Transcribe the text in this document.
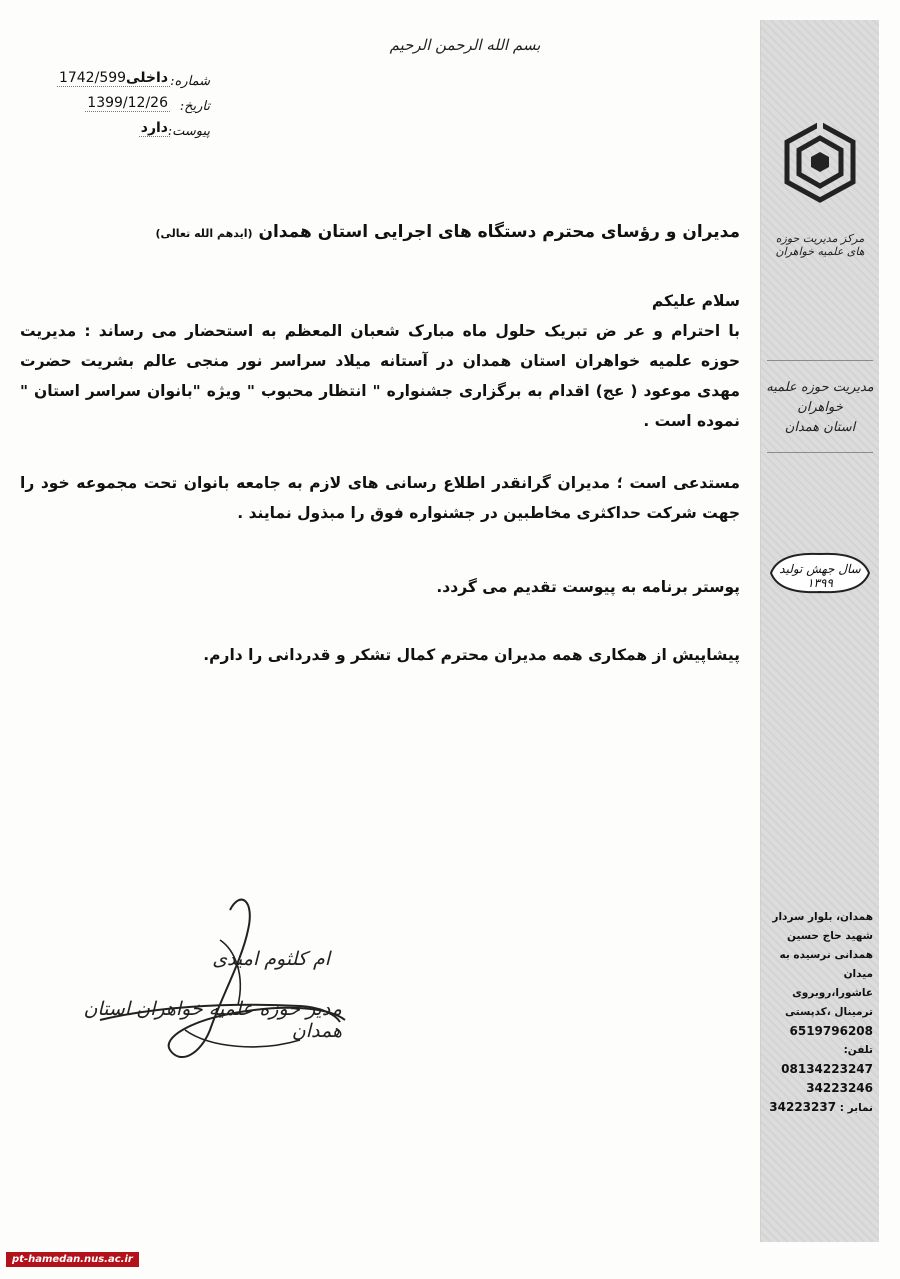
مرکز مدیریت حوزه های علمیه خواهران
مدیریت حوزه علمیه خواهران
استان همدان
سال جهش تولید ۱۳۹۹
همدان، بلوار سردار
شهید حاج حسین
همدانی نرسیده به
میدان عاشورا،روبروی
ترمینال ،کدپستی
6519796208
تلفن:
08134223247
34223246
نمابر : 34223237
بسم الله الرحمن الرحیم
شماره:
1742/ داخلی599
تاریخ:
1399/12/26
پیوست:
دارد
مدیران و رؤسای محترم دستگاه های اجرایی استان همدان (ایدهم الله تعالی)

سلام علیکم

با احترام و عر ض تبریک حلول ماه مبارک شعبان المعظم به استحضار می رساند : مدیریت حوزه علمیه خواهران استان همدان در آستانه میلاد سراسر نور منجی عالم بشریت حضرت مهدی موعود ( عج) اقدام به برگزاری جشنواره " انتظار محبوب " ویژه "بانوان سراسر استان " نموده است .

مستدعی است ؛ مدیران گرانقدر اطلاع رسانی های لازم به جامعه بانوان تحت مجموعه خود را جهت شرکت حداکثری مخاطبین در جشنواره فوق را مبذول نمایند .

پوستر برنامه به پیوست تقدیم می گردد.

پیشاپیش از همکاری همه مدیران محترم کمال تشکر و قدردانی را دارم.

ام کلثوم امیدی
مدیر حوزه علمیه خواهران استان همدان
pt-hamedan.nus.ac.ir
